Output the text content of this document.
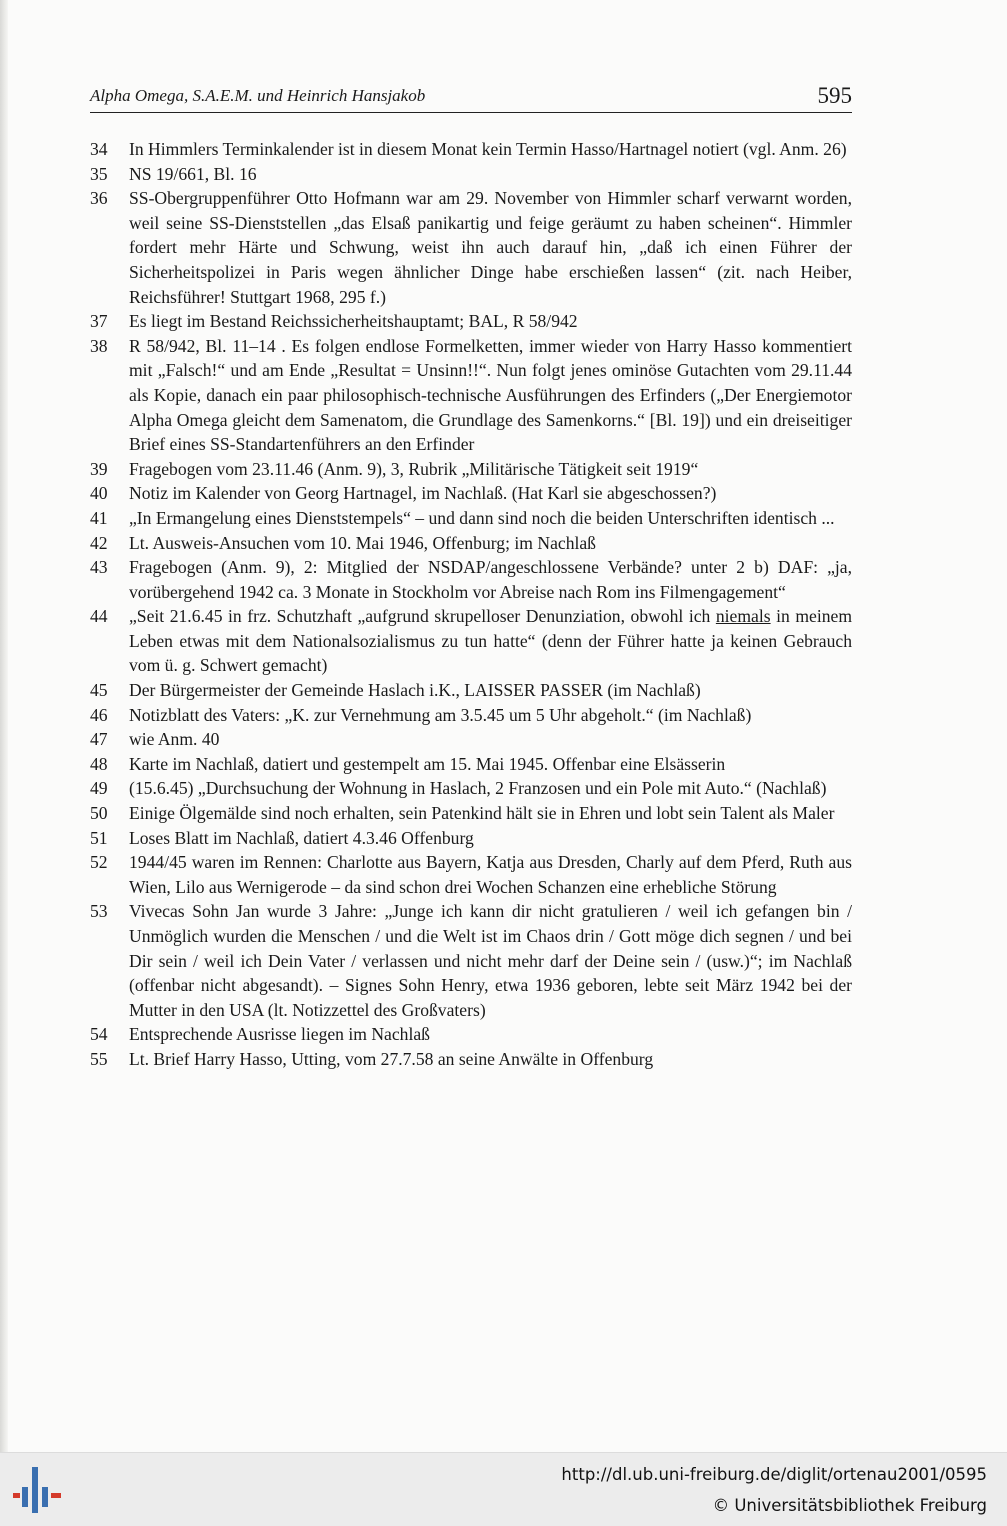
Alpha Omega, S.A.E.M. und Heinrich Hansjakob	595
34	In Himmlers Terminkalender ist in diesem Monat kein Termin Hasso/Hartnagel notiert (vgl. Anm. 26)
35	NS 19/661, Bl. 16
36	SS-Obergruppenführer Otto Hofmann war am 29. November von Himmler scharf verwarnt worden, weil seine SS-Dienststellen „das Elsaß panikartig und feige geräumt zu haben scheinen“. Himmler fordert mehr Härte und Schwung, weist ihn auch darauf hin, „daß ich einen Führer der Sicherheitspolizei in Paris wegen ähnlicher Dinge habe erschießen lassen“ (zit. nach Heiber, Reichsführer! Stuttgart 1968, 295 f.)
37	Es liegt im Bestand Reichssicherheitshauptamt; BAL, R 58/942
38	R 58/942, Bl. 11–14 . Es folgen endlose Formelketten, immer wieder von Harry Hasso kommentiert mit „Falsch!“ und am Ende „Resultat = Unsinn!!“. Nun folgt jenes ominöse Gutachten vom 29.11.44 als Kopie, danach ein paar philosophisch-technische Ausführungen des Erfinders („Der Energiemotor Alpha Omega gleicht dem Samenatom, die Grundlage des Samenkorns.“ [Bl. 19]) und ein dreiseitiger Brief eines SS-Standartenführers an den Erfinder
39	Fragebogen vom 23.11.46 (Anm. 9), 3, Rubrik „Militärische Tätigkeit seit 1919“
40	Notiz im Kalender von Georg Hartnagel, im Nachlaß. (Hat Karl sie abgeschossen?)
41	„In Ermangelung eines Dienststempels“ – und dann sind noch die beiden Unterschriften identisch ...
42	Lt. Ausweis-Ansuchen vom 10. Mai 1946, Offenburg; im Nachlaß
43	Fragebogen (Anm. 9), 2: Mitglied der NSDAP/angeschlossene Verbände? unter 2 b) DAF: „ja, vorübergehend 1942 ca. 3 Monate in Stockholm vor Abreise nach Rom ins Filmengagement“
44	„Seit 21.6.45 in frz. Schutzhaft „aufgrund skrupelloser Denunziation, obwohl ich niemals in meinem Leben etwas mit dem Nationalsozialismus zu tun hatte“ (denn der Führer hatte ja keinen Gebrauch vom ü. g. Schwert gemacht)
45	Der Bürgermeister der Gemeinde Haslach i.K., LAISSER PASSER (im Nachlaß)
46	Notizblatt des Vaters: „K. zur Vernehmung am 3.5.45 um 5 Uhr abgeholt.“ (im Nachlaß)
47	wie Anm. 40
48	Karte im Nachlaß, datiert und gestempelt am 15. Mai 1945. Offenbar eine Elsässerin
49	(15.6.45) „Durchsuchung der Wohnung in Haslach, 2 Franzosen und ein Pole mit Auto.“ (Nachlaß)
50	Einige Ölgemälde sind noch erhalten, sein Patenkind hält sie in Ehren und lobt sein Talent als Maler
51	Loses Blatt im Nachlaß, datiert 4.3.46 Offenburg
52	1944/45 waren im Rennen: Charlotte aus Bayern, Katja aus Dresden, Charly auf dem Pferd, Ruth aus Wien, Lilo aus Wernigerode – da sind schon drei Wochen Schanzen eine erhebliche Störung
53	Vivecas Sohn Jan wurde 3 Jahre: „Junge ich kann dir nicht gratulieren / weil ich gefangen bin / Unmöglich wurden die Menschen / und die Welt ist im Chaos drin / Gott möge dich segnen / und bei Dir sein / weil ich Dein Vater / verlassen und nicht mehr darf der Deine sein / (usw.)“; im Nachlaß (offenbar nicht abgesandt). – Signes Sohn Henry, etwa 1936 geboren, lebte seit März 1942 bei der Mutter in den USA (lt. Notizzettel des Großvaters)
54	Entsprechende Ausrisse liegen im Nachlaß
55	Lt. Brief Harry Hasso, Utting, vom 27.7.58 an seine Anwälte in Offenburg
http://dl.ub.uni-freiburg.de/diglit/ortenau2001/0595
© Universitätsbibliothek Freiburg
